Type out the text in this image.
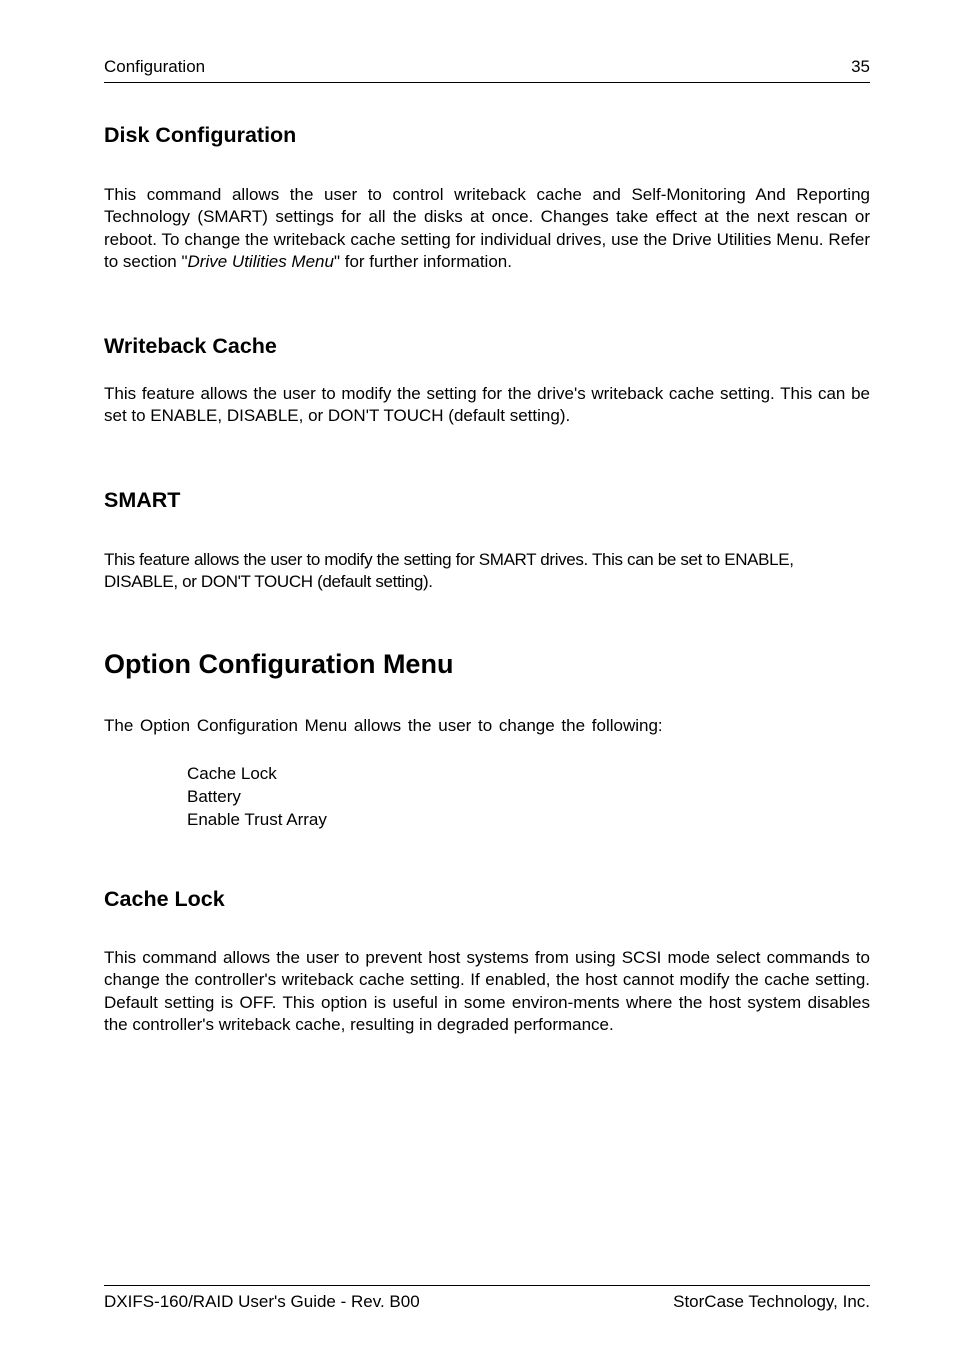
Configuration	35
Disk Configuration

This command allows the user to control writeback cache and Self-Monitoring And Reporting Technology (SMART) settings for all the disks at once. Changes take effect at the next rescan or reboot. To change the writeback cache setting for individual drives, use the Drive Utilities Menu. Refer to section "Drive Utilities Menu" for further information.

Writeback Cache

This feature allows the user to modify the setting for the drive's writeback cache setting. This can be set to ENABLE, DISABLE, or DON'T TOUCH (default setting).

SMART

This feature allows the user to modify the setting for SMART drives. This can be set to ENABLE, DISABLE, or DON'T TOUCH (default setting).

Option Configuration Menu

The Option Configuration Menu allows the user to change the following:

Cache Lock
Battery
Enable Trust Array
Cache Lock

This command allows the user to prevent host systems from using SCSI mode select commands to change the controller's writeback cache setting. If enabled, the host cannot modify the cache setting. Default setting is OFF. This option is useful in some environ-ments where the host system disables the controller's writeback cache, resulting in degraded performance.

DXIFS-160/RAID User's Guide - Rev. B00	StorCase Technology, Inc.
